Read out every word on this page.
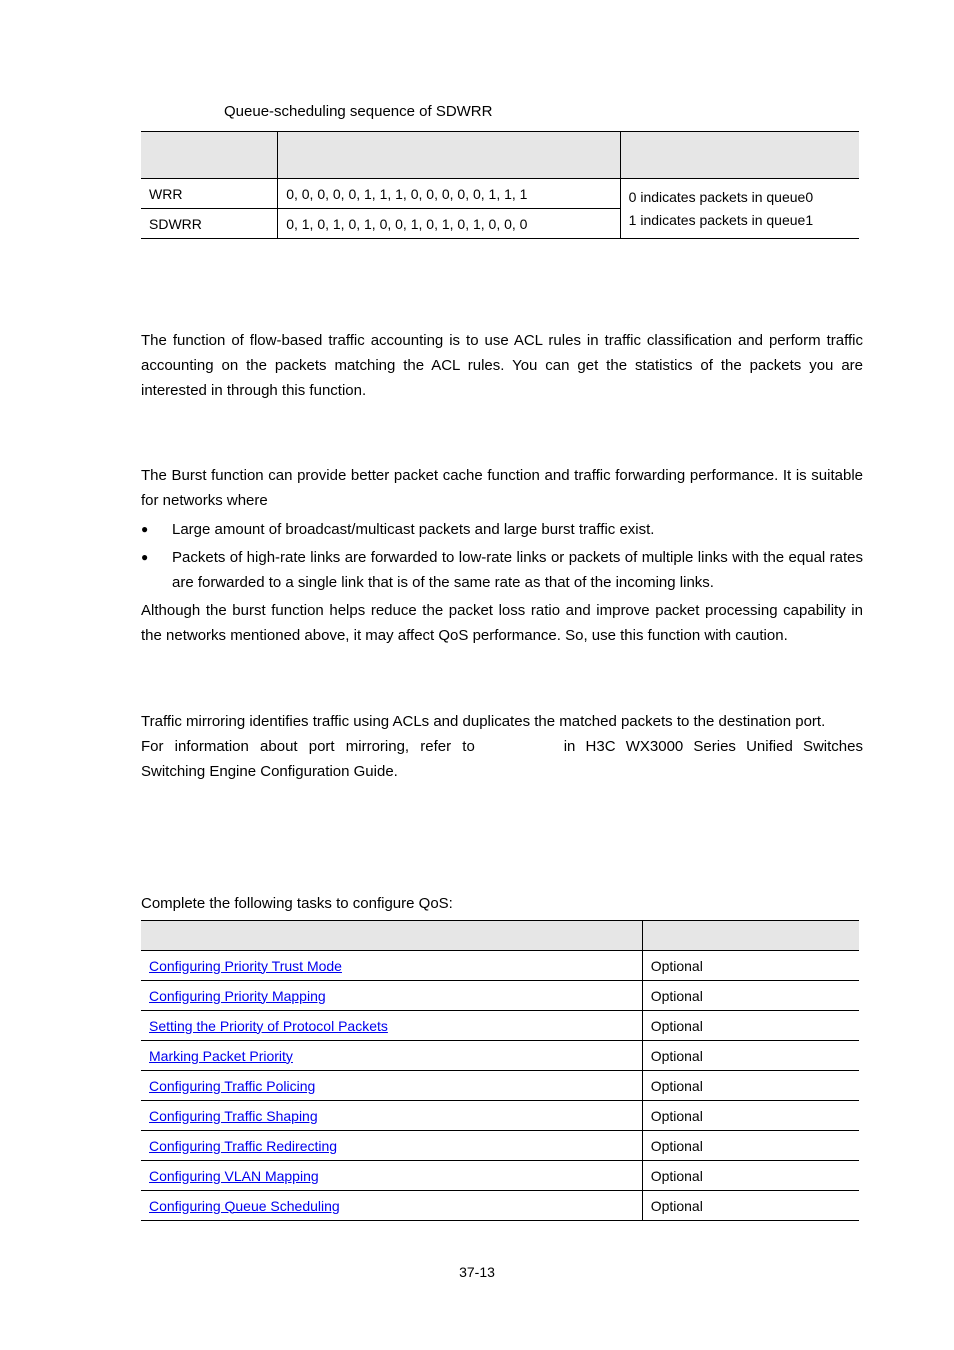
Queue-scheduling sequence of SDWRR

WRR	0, 0, 0, 0, 0, 1, 1, 1, 0, 0, 0, 0, 0, 1, 1, 1	0 indicates packets in queue0
1 indicates packets in queue1

SDWRR	0, 1, 0, 1, 0, 1, 0, 0, 1, 0, 1, 0, 1, 0, 0, 0	

The function of flow-based traffic accounting is to use ACL rules in traffic classification and perform traffic accounting on the packets matching the ACL rules. You can get the statistics of the packets you are interested in through this function.

The Burst function can provide better packet cache function and traffic forwarding performance. It is suitable for networks where

● Large amount of broadcast/multicast packets and large burst traffic exist.
● Packets of high-rate links are forwarded to low-rate links or packets of multiple links with the equal rates are forwarded to a single link that is of the same rate as that of the incoming links.

Although the burst function helps reduce the packet loss ratio and improve packet processing capability in the networks mentioned above, it may affect QoS performance. So, use this function with caution.

Traffic mirroring identifies traffic using ACLs and duplicates the matched packets to the destination port.

For information about port mirroring, refer to	in H3C WX3000 Series Unified Switches

Switching Engine Configuration Guide.

Complete the following tasks to configure QoS:

Configuring Priority Trust Mode	Optional
Configuring Priority Mapping	Optional
Setting the Priority of Protocol Packets	Optional
Marking Packet Priority	Optional
Configuring Traffic Policing	Optional
Configuring Traffic Shaping	Optional
Configuring Traffic Redirecting	Optional
Configuring VLAN Mapping	Optional
Configuring Queue Scheduling	Optional
37-13
